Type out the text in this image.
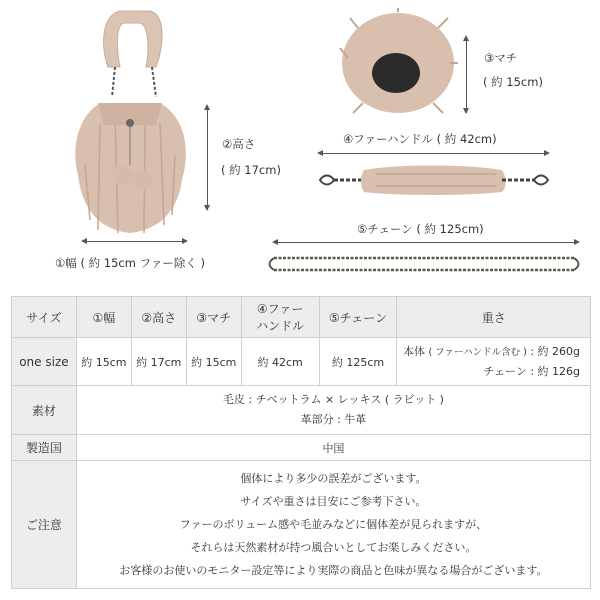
②高さ
( 約 17cm)
①幅 ( 約 15cm ファー除く )
③マチ
( 約 15cm)
④ファーハンドル ( 約 42cm)
⑤チェーン ( 約 125cm)
サイズ	①幅	②高さ	③マチ	④ファー
ハンドル	⑤チェーン	重さ
one size	約 15cm	約 17cm	約 15cm	約 42cm	約 125cm	本体 ( ファーハンドル含む ) : 約 260g
チェーン : 約 126g

素材	毛皮 : チベットラム × レッキス ( ラビット )
革部分 : 牛革					

製造国	中国					
ご注意	個体により多少の誤差がございます。
サイズや重さは目安にご参考下さい。
ファーのボリューム感や毛並みなどに個体差が見られますが、
それらは天然素材が持つ風合いとしてお楽しみください。
お客様のお使いのモニター設定等により実際の商品と色味が異なる場合がございます。					
